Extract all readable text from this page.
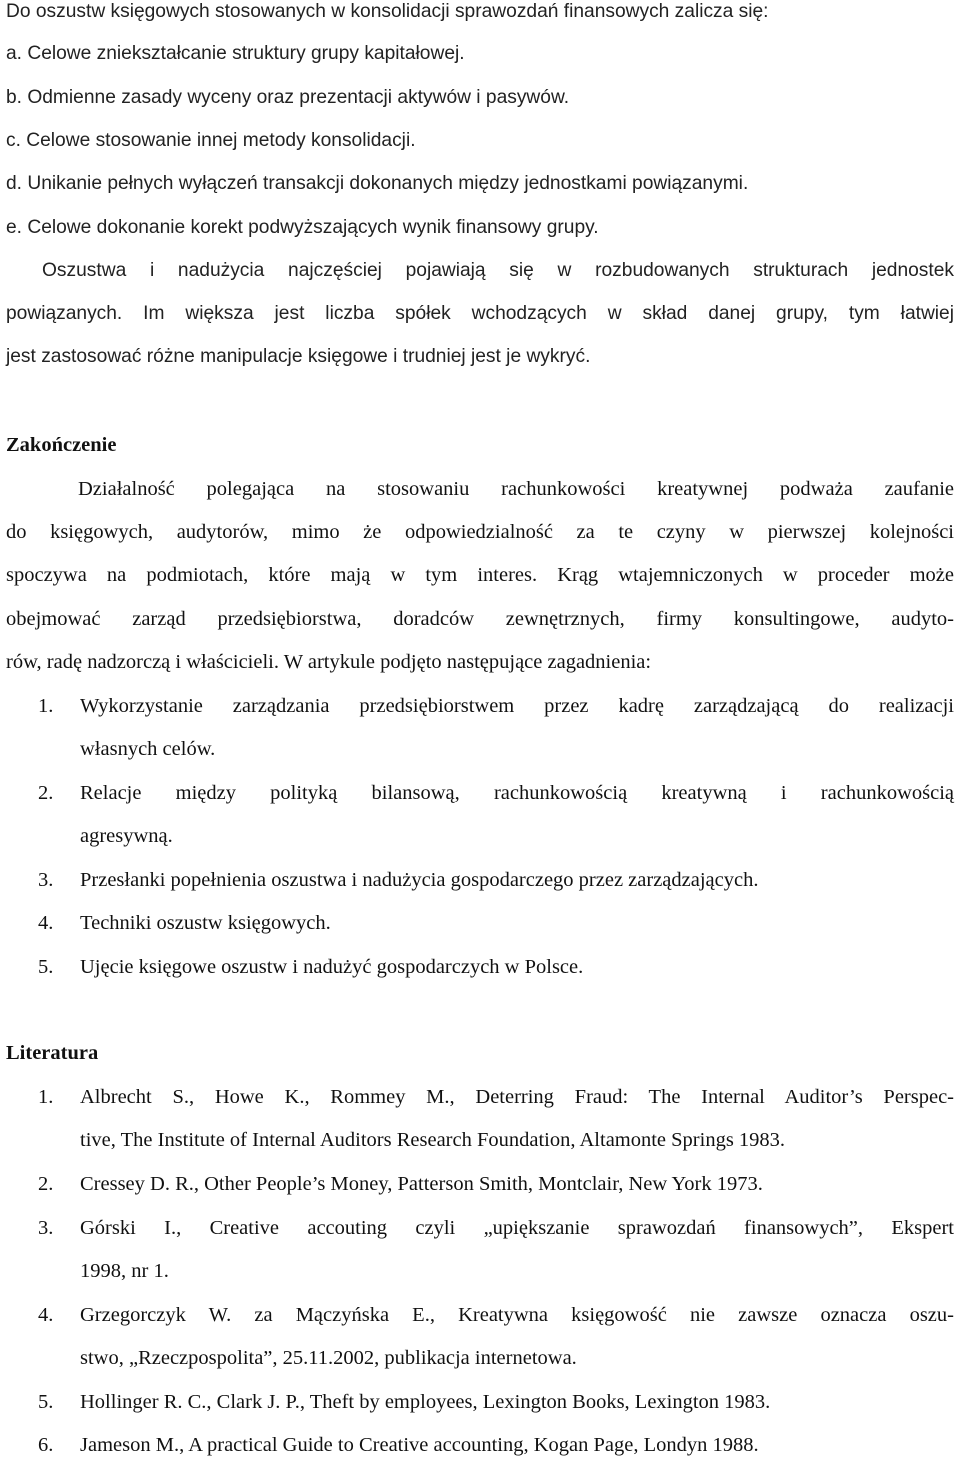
Do oszustw księgowych stosowanych w konsolidacji sprawozdań finansowych zalicza się:
a. Celowe zniekształcanie struktury grupy kapitałowej.
b. Odmienne zasady wyceny oraz prezentacji aktywów i pasywów.
c. Celowe stosowanie innej metody konsolidacji.
d. Unikanie pełnych wyłączeń transakcji dokonanych między jednostkami powiązanymi.
e. Celowe dokonanie korekt podwyższających wynik finansowy grupy.
Oszustwa i nadużycia najczęściej pojawiają się w rozbudowanych strukturach jednostek
powiązanych. Im większa jest liczba spółek wchodzących w skład danej grupy, tym łatwiej
jest zastosować różne manipulacje księgowe i trudniej jest je wykryć.
Zakończenie
Działalność polegająca na stosowaniu rachunkowości kreatywnej podważa zaufanie
do księgowych, audytorów, mimo że odpowiedzialność za te czyny w pierwszej kolejności
spoczywa na podmiotach, które mają w tym interes. Krąg wtajemniczonych w proceder może
obejmować zarząd przedsiębiorstwa, doradców zewnętrznych, firmy konsultingowe, audyto-
rów, radę nadzorczą i właścicieli. W artykule podjęto następujące zagadnienia:
1. Wykorzystanie zarządzania przedsiębiorstwem przez kadrę zarządzającą do realizacji
własnych celów.
2. Relacje między polityką bilansową, rachunkowością kreatywną i rachunkowością
agresywną.
3. Przesłanki popełnienia oszustwa i nadużycia gospodarczego przez zarządzających.
4. Techniki oszustw księgowych.
5. Ujęcie księgowe oszustw i nadużyć gospodarczych w Polsce.
Literatura
1. Albrecht S., Howe K., Rommey M., Deterring Fraud: The Internal Auditor’s Perspec-
tive, The Institute of Internal Auditors Research Foundation, Altamonte Springs 1983.
2. Cressey D. R., Other People’s Money, Patterson Smith, Montclair, New York 1973.
3. Górski I., Creative accouting czyli „upiększanie sprawozdań finansowych”, Ekspert
1998, nr 1.
4. Grzegorczyk W. za Mączyńska E., Kreatywna księgowość nie zawsze oznacza oszu-
stwo, „Rzeczpospolita”, 25.11.2002, publikacja internetowa.
5. Hollinger R. C., Clark J. P., Theft by employees, Lexington Books, Lexington 1983.
6. Jameson M., A practical Guide to Creative accounting, Kogan Page, Londyn 1988.
